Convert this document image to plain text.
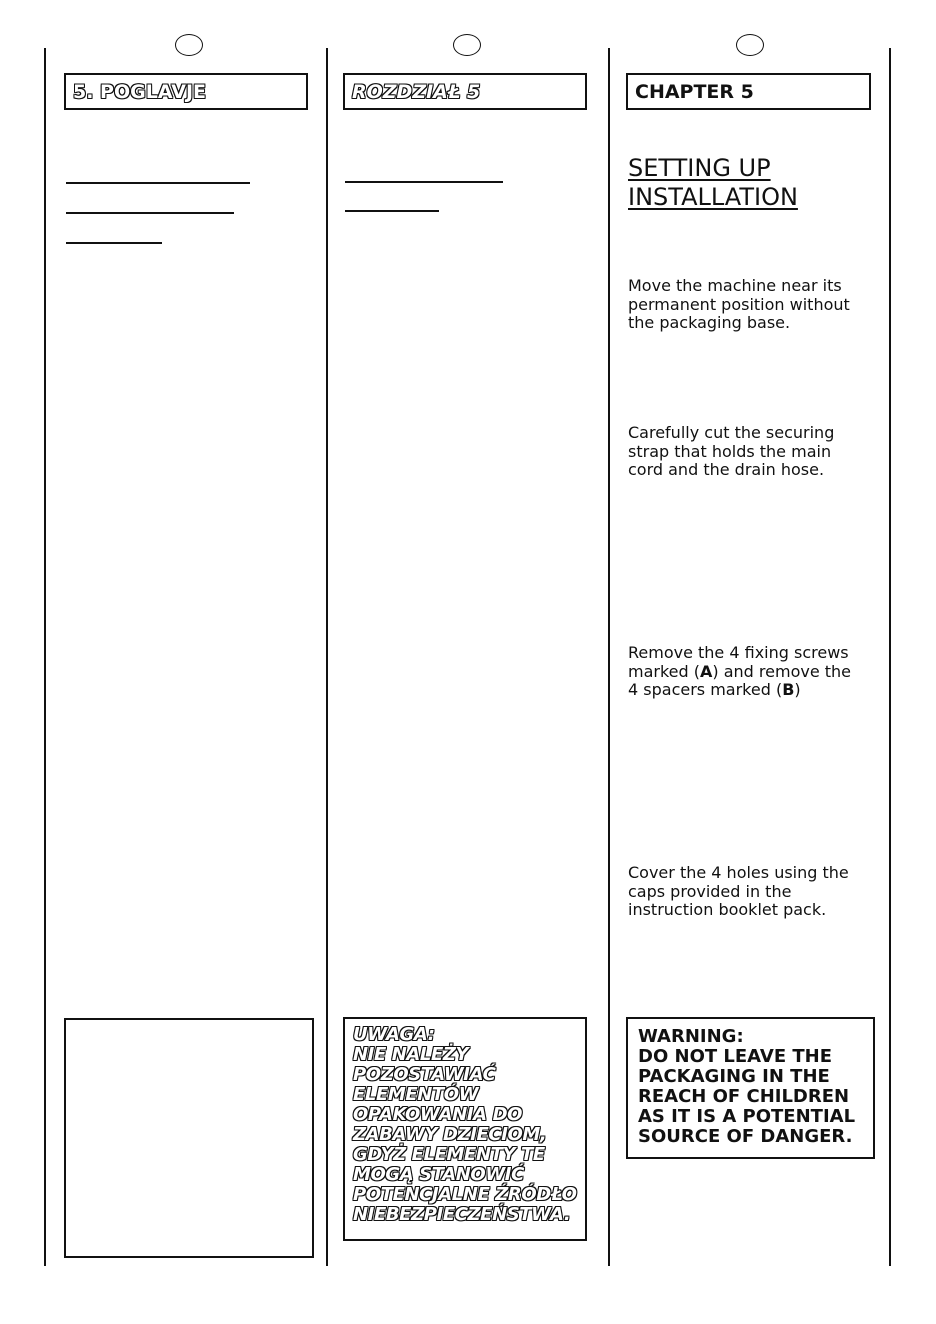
5. POGLAVJE	ROZDZIAŁ 5	CHAPTER 5
SETTING UP
INSTALLATION

Move the machine near its
permanent position without
the packaging base.

Carefully cut the securing
strap that holds the main
cord and the drain hose.

Remove the 4 fixing screws
marked (A) and remove the
4 spacers marked (B)

Cover the 4 holes using the
caps provided in the
instruction booklet pack.

UWAGA:
NIE NALEŻY
POZOSTAWIAĆ
ELEMENTÓW
OPAKOWANIA DO
ZABAWY DZIECIOM,
GDYŻ ELEMENTY TE
MOGĄ STANOWIĆ
POTENCJALNE ŹRÓDŁO
NIEBEZPIECZEŃSTWA.

WARNING:
DO NOT LEAVE THE
PACKAGING IN THE
REACH OF CHILDREN
AS IT IS A POTENTIAL
SOURCE OF DANGER.
